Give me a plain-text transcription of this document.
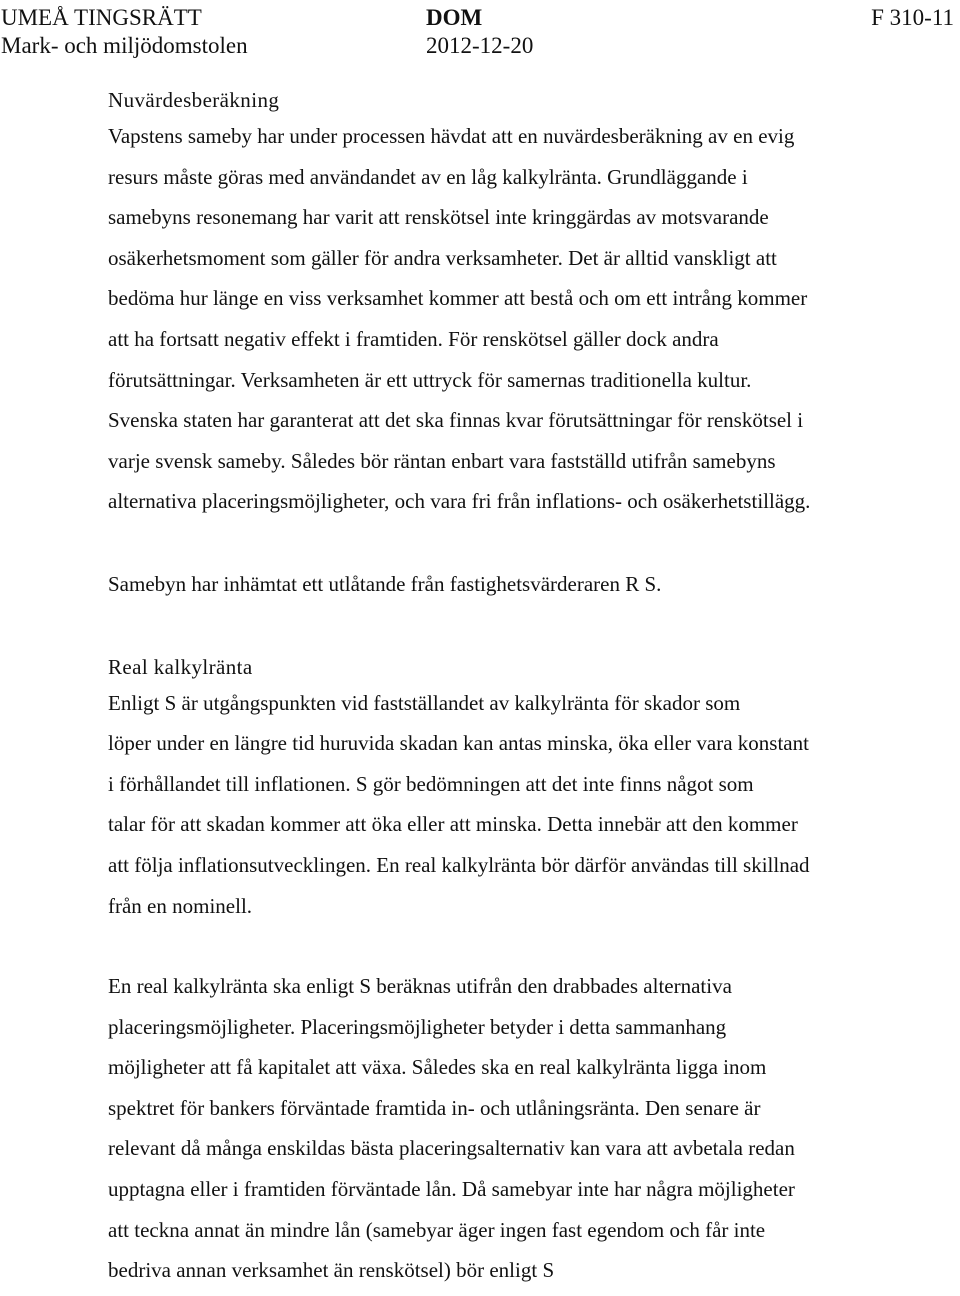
UMEÅ TINGSRÄTT
Mark- och miljödomstolen
DOM
2012-12-20
F 310-11
Nuvärdesberäkning

Vapstens sameby har under processen hävdat att en nuvärdesberäkning av en evig
resurs måste göras med användandet av en låg kalkylränta. Grundläggande i
samebyns resonemang har varit att renskötsel inte kringgärdas av motsvarande
osäkerhetsmoment som gäller för andra verksamheter. Det är alltid vanskligt att
bedöma hur länge en viss verksamhet kommer att bestå och om ett intrång kommer
att ha fortsatt negativ effekt i framtiden. För renskötsel gäller dock andra
förutsättningar. Verksamheten är ett uttryck för samernas traditionella kultur.
Svenska staten har garanterat att det ska finnas kvar förutsättningar för renskötsel i
varje svensk sameby. Således bör räntan enbart vara fastställd utifrån samebyns
alternativa placeringsmöjligheter, och vara fri från inflations- och osäkerhetstillägg.

Samebyn har inhämtat ett utlåtande från fastighetsvärderaren R S.

Real kalkylränta

Enligt S är utgångspunkten vid fastställandet av kalkylränta för skador som
löper under en längre tid huruvida skadan kan antas minska, öka eller vara konstant
i förhållandet till inflationen. S gör bedömningen att det inte finns något som
talar för att skadan kommer att öka eller att minska. Detta innebär att den kommer
att följa inflationsutvecklingen. En real kalkylränta bör därför användas till skillnad
från en nominell.

En real kalkylränta ska enligt S beräknas utifrån den drabbades alternativa
placeringsmöjligheter. Placeringsmöjligheter betyder i detta sammanhang
möjligheter att få kapitalet att växa. Således ska en real kalkylränta ligga inom
spektret för bankers förväntade framtida in- och utlåningsränta. Den senare är
relevant då många enskildas bästa placeringsalternativ kan vara att avbetala redan
upptagna eller i framtiden förväntade lån. Då samebyar inte har några möjligheter
att teckna annat än mindre lån (samebyar äger ingen fast egendom och får inte
bedriva annan verksamhet än renskötsel) bör enligt S
